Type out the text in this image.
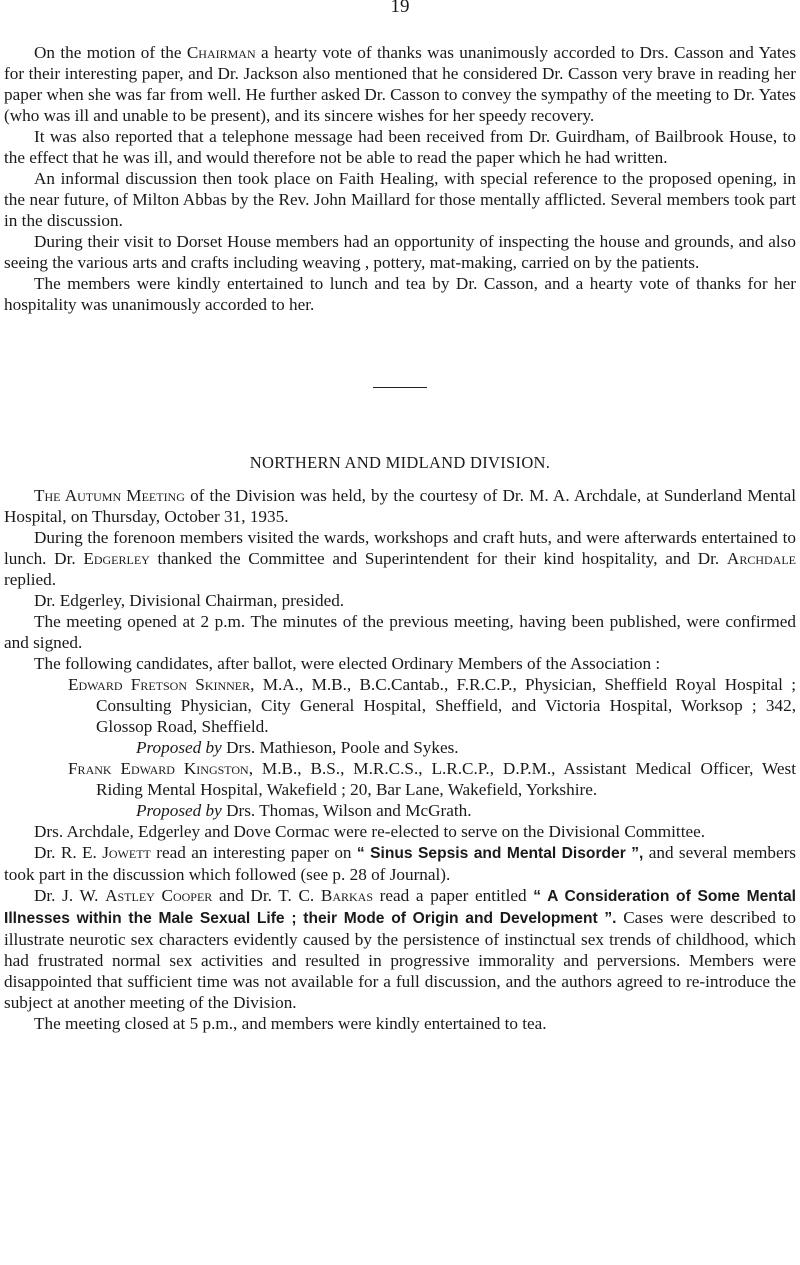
19

On the motion of the Chairman a hearty vote of thanks was unanimously accorded to Drs. Casson and Yates for their interesting paper, and Dr. Jackson also mentioned that he considered Dr. Casson very brave in reading her paper when she was far from well. He further asked Dr. Casson to convey the sympathy of the meeting to Dr. Yates (who was ill and unable to be present), and its sincere wishes for her speedy recovery.

It was also reported that a telephone message had been received from Dr. Guirdham, of Bailbrook House, to the effect that he was ill, and would therefore not be able to read the paper which he had written.

An informal discussion then took place on Faith Healing, with special reference to the proposed opening, in the near future, of Milton Abbas by the Rev. John Maillard for those mentally afflicted. Several members took part in the discussion.

During their visit to Dorset House members had an opportunity of inspecting the house and grounds, and also seeing the various arts and crafts including weaving , pottery, mat-making, carried on by the patients.

The members were kindly entertained to lunch and tea by Dr. Casson, and a hearty vote of thanks for her hospitality was unanimously accorded to her.

NORTHERN AND MIDLAND DIVISION.

The Autumn Meeting of the Division was held, by the courtesy of Dr. M. A. Archdale, at Sunderland Mental Hospital, on Thursday, October 31, 1935.

During the forenoon members visited the wards, workshops and craft huts, and were afterwards entertained to lunch. Dr. Edgerley thanked the Committee and Superintendent for their kind hospitality, and Dr. Archdale replied.

Dr. Edgerley, Divisional Chairman, presided.

The meeting opened at 2 p.m. The minutes of the previous meeting, having been published, were confirmed and signed.

The following candidates, after ballot, were elected Ordinary Members of the Association :

Edward Fretson Skinner, M.A., M.B., B.C.Cantab., F.R.C.P., Physician, Sheffield Royal Hospital ; Consulting Physician, City General Hospital, Sheffield, and Victoria Hospital, Worksop ; 342, Glossop Road, Sheffield.

Proposed by Drs. Mathieson, Poole and Sykes.

Frank Edward Kingston, M.B., B.S., M.R.C.S., L.R.C.P., D.P.M., Assistant Medical Officer, West Riding Mental Hospital, Wakefield ; 20, Bar Lane, Wakefield, Yorkshire.

Proposed by Drs. Thomas, Wilson and McGrath.

Drs. Archdale, Edgerley and Dove Cormac were re-elected to serve on the Divisional Committee.

Dr. R. E. Jowett read an interesting paper on “ Sinus Sepsis and Mental Disorder ”, and several members took part in the discussion which followed (see p. 28 of Journal).

Dr. J. W. Astley Cooper and Dr. T. C. Barkas read a paper entitled “ A Consideration of Some Mental Illnesses within the Male Sexual Life ; their Mode of Origin and Development ”. Cases were described to illustrate neurotic sex characters evidently caused by the persistence of instinctual sex trends of childhood, which had frustrated normal sex activities and resulted in progressive immorality and perversions. Members were disappointed that sufficient time was not available for a full discussion, and the authors agreed to re-introduce the subject at another meeting of the Division.

The meeting closed at 5 p.m., and members were kindly entertained to tea.
